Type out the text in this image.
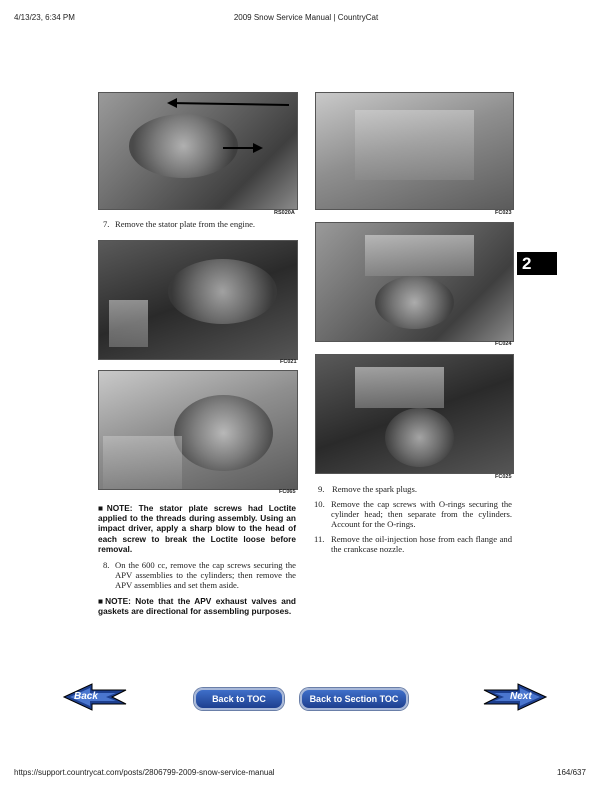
4/13/23, 6:34 PM	2009 Snow Service Manual | CountryCat
2
RS020A
7. Remove the stator plate from the engine.
FC021
FC065
■NOTE: The stator plate screws had Loctite applied to the threads during assembly. Using an impact driver, apply a sharp blow to the head of each screw to break the Loctite loose before removal.
8. On the 600 cc, remove the cap screws securing the APV assemblies to the cylinders; then remove the APV assemblies and set them aside.
■NOTE: Note that the APV exhaust valves and gaskets are directional for assembling purposes.
FC023
FC024
FC025
9. Remove the spark plugs.
10. Remove the cap screws with O-rings securing the cylinder head; then separate from the cylinders. Account for the O-rings.
11. Remove the oil-injection hose from each flange and the crankcase nozzle.
Back	Back to TOC	Back to Section TOC	Next
https://support.countrycat.com/posts/2806799-2009-snow-service-manual	164/637
